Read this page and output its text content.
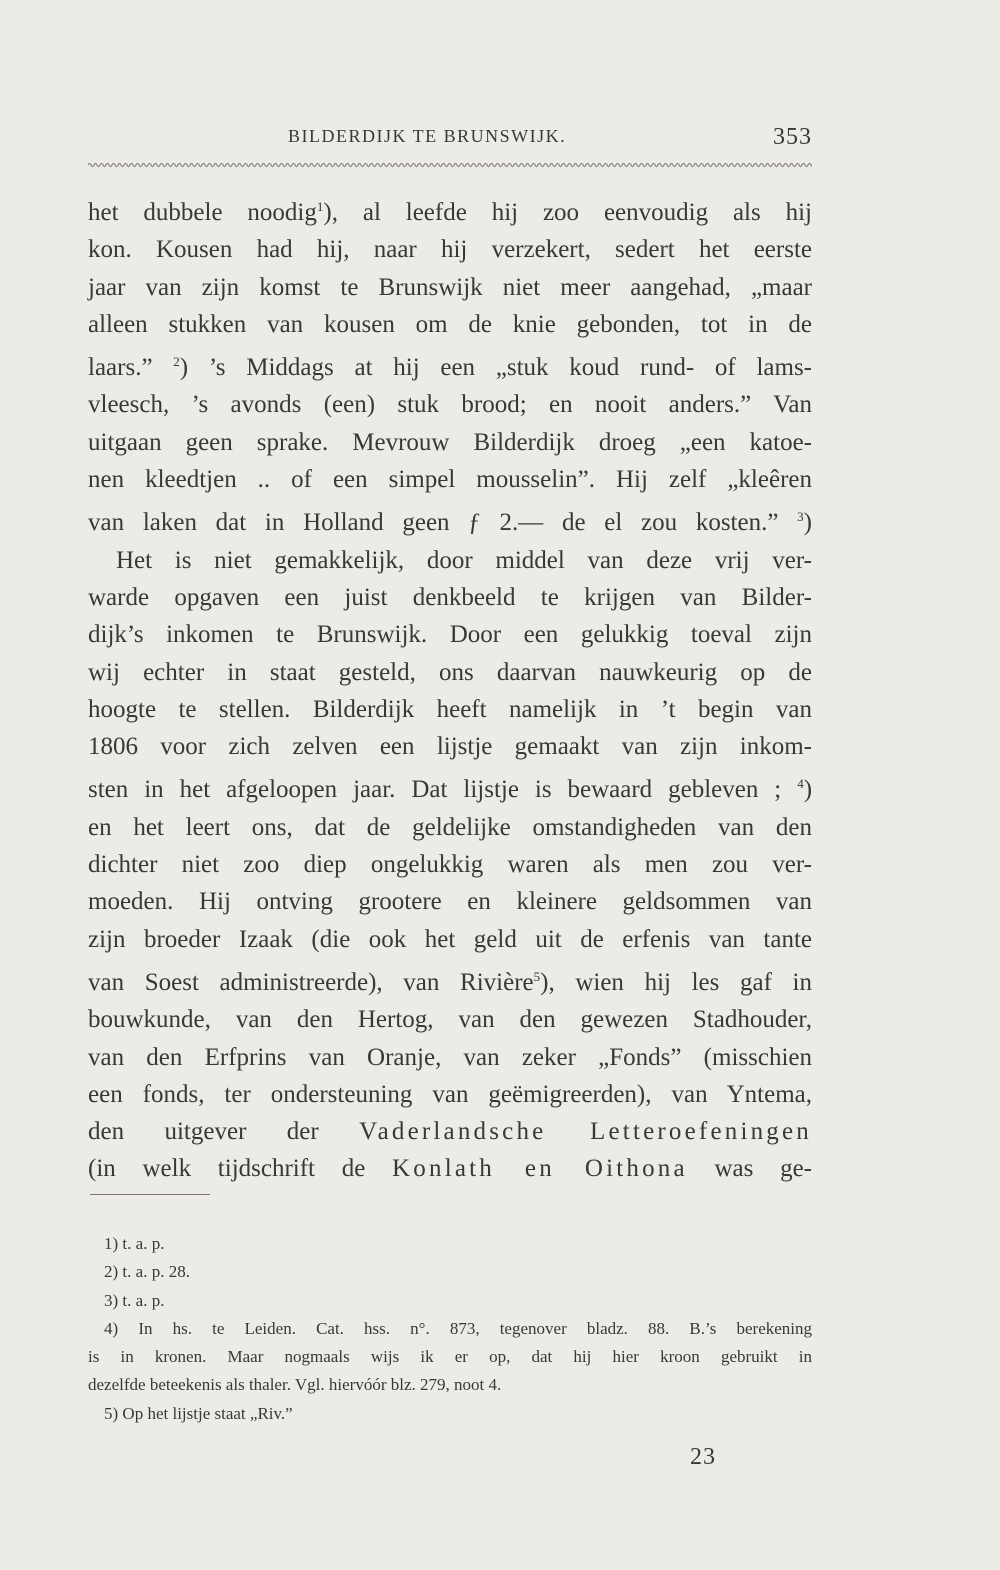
BILDERDIJK TE BRUNSWIJK.	353
het dubbele noodig$^1$), al leefde hij zoo eenvoudig als hij
kon. Kousen had hij, naar hij verzekert, sedert het eerste
jaar van zijn komst te Brunswijk niet meer aangehad, „maar
alleen stukken van kousen om de knie gebonden, tot in de
laars.” $^2$) ’s Middags at hij een „stuk koud rund- of lams-
vleesch, ’s avonds (een) stuk brood; en nooit anders.” Van
uitgaan geen sprake. Mevrouw Bilderdijk droeg „een katoe-
nen kleedtjen .. of een simpel mousselin”. Hij zelf „kleêren
van laken dat in Holland geen ƒ 2.— de el zou kosten.” $^3$)
Het is niet gemakkelijk, door middel van deze vrij ver-
warde opgaven een juist denkbeeld te krijgen van Bilder-
dijk’s inkomen te Brunswijk. Door een gelukkig toeval zijn
wij echter in staat gesteld, ons daarvan nauwkeurig op de
hoogte te stellen. Bilderdijk heeft namelijk in ’t begin van
1806 voor zich zelven een lijstje gemaakt van zijn inkom-
sten in het afgeloopen jaar. Dat lijstje is bewaard gebleven ; $^4$)
en het leert ons, dat de geldelijke omstandigheden van den
dichter niet zoo diep ongelukkig waren als men zou ver-
moeden. Hij ontving grootere en kleinere geldsommen van
zijn broeder Izaak (die ook het geld uit de erfenis van tante
van Soest administreerde), van Rivière$^5$), wien hij les gaf in
bouwkunde, van den Hertog, van den gewezen Stadhouder,
van den Erfprins van Oranje, van zeker „Fonds” (misschien
een fonds, ter ondersteuning van geëmigreerden), van Yntema,
den uitgever der Vaderlandsche Letteroefeningen
(in welk tijdschrift de Konlath en Oithona was ge-
1) t. a. p.
2) t. a. p. 28.
3) t. a. p.
4) In hs. te Leiden. Cat. hss. n°. 873, tegenover bladz. 88. B.’s berekening
is in kronen. Maar nogmaals wijs ik er op, dat hij hier kroon gebruikt in
dezelfde beteekenis als thaler. Vgl. hiervóór blz. 279, noot 4.
5) Op het lijstje staat „Riv.”
23
